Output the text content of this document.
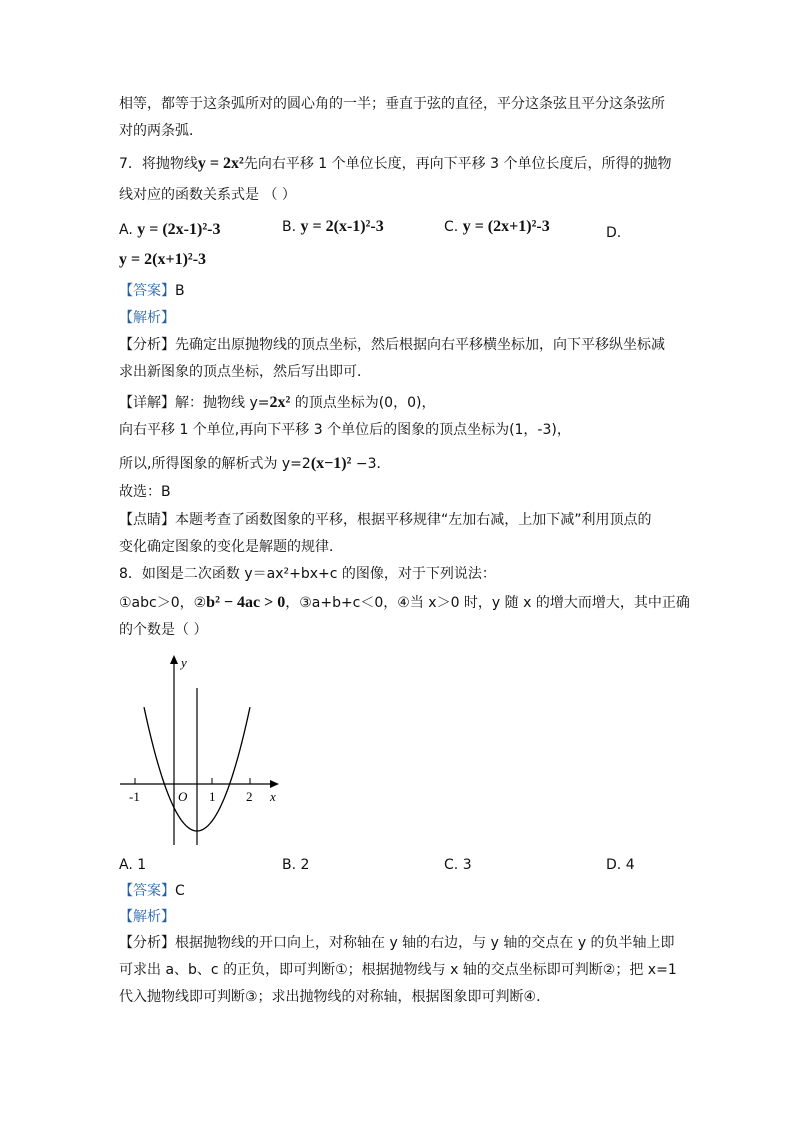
相等，都等于这条弧所对的圆心角的一半；垂直于弦的直径，平分这条弦且平分这条弦所
对的两条弧．
7．将抛物线y = 2x²先向右平移 1 个单位长度，再向下平移 3 个单位长度后，所得的抛物
线对应的函数关系式是 （ ）
A. y = (2x-1)²-3	B. y = 2(x-1)²-3	C. y = (2x+1)²-3	D.
y = 2(x+1)²-3
【答案】B
【解析】
【分析】先确定出原抛物线的顶点坐标，然后根据向右平移横坐标加，向下平移纵坐标减
求出新图象的顶点坐标，然后写出即可．
【详解】解：抛物线 y=2x² 的顶点坐标为(0，0)，
向右平移 1 个单位,再向下平移 3 个单位后的图象的顶点坐标为(1，-3)，
所以,所得图象的解析式为 y=2(x−1)² −3．
故选：B
【点睛】本题考查了函数图象的平移，根据平移规律“左加右减，上加下减”利用顶点的
变化确定图象的变化是解题的规律．
8．如图是二次函数 y＝ax²+bx+c 的图像，对于下列说法：
①abc＞0，②b² − 4ac > 0，③a+b+c＜0，④当 x＞0 时，y 随 x 的增大而增大，其中正确
的个数是（ ）
y
x
O
-1	1 2
A. 1	B. 2	C. 3	D. 4
【答案】C
【解析】
【分析】根据抛物线的开口向上，对称轴在 y 轴的右边，与 y 轴的交点在 y 的负半轴上即
可求出 a、b、c 的正负，即可判断①；根据抛物线与 x 轴的交点坐标即可判断②；把 x=1
代入抛物线即可判断③；求出抛物线的对称轴，根据图象即可判断④．
